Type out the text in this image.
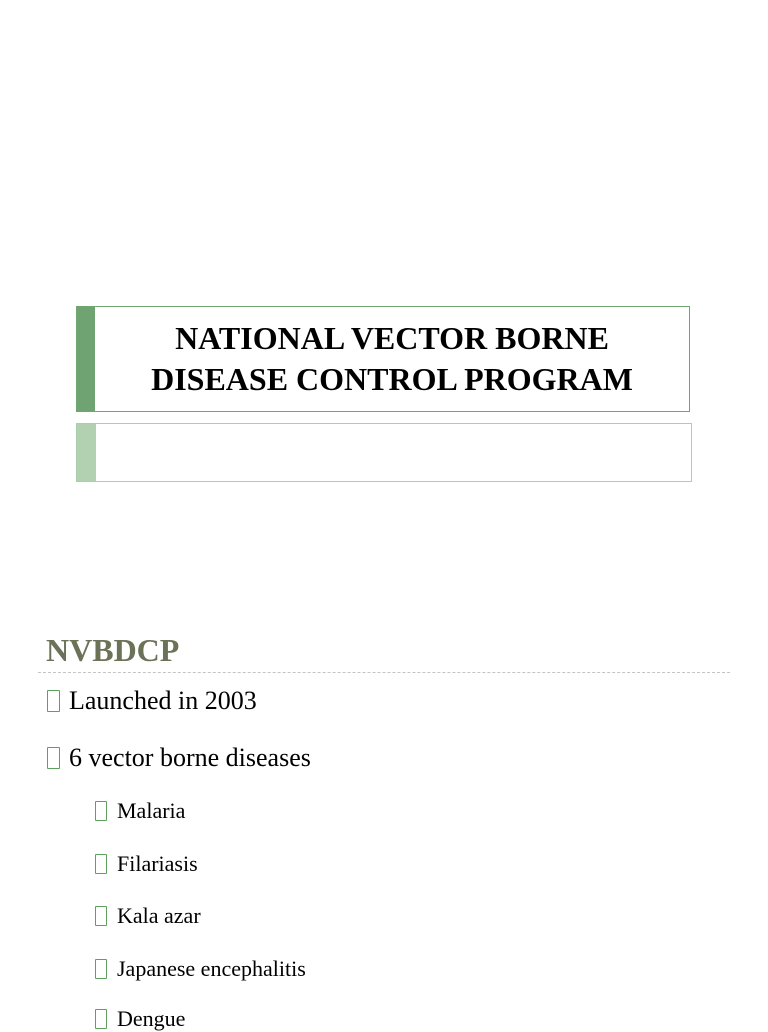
NATIONAL VECTOR BORNE
DISEASE CONTROL PROGRAM
NVBDCP
Launched in 2003
6 vector borne diseases
Malaria
Filariasis
Kala azar
Japanese encephalitis
Dengue
